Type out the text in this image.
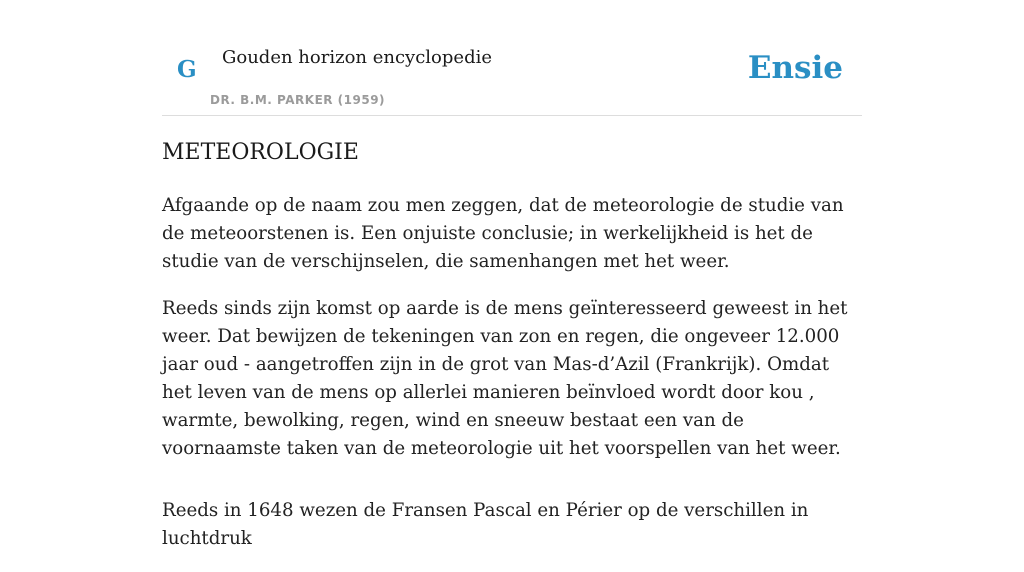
G Gouden horizon encyclopedie
DR. B.M. PARKER (1959)
Ensie
METEOROLOGIE

Afgaande op de naam zou men zeggen, dat de meteorologie de studie van de meteoorstenen is. Een onjuiste conclusie; in werkelijkheid is het de studie van de verschijnselen, die samenhangen met het weer.

Reeds sinds zijn komst op aarde is de mens geïnteresseerd geweest in het weer. Dat bewijzen de tekeningen van zon en regen, die ongeveer 12.000 jaar oud - aangetroffen zijn in de grot van Mas-d’Azil (Frankrijk). Omdat het leven van de mens op allerlei manieren beïnvloed wordt door kou , warmte, bewolking, regen, wind en sneeuw bestaat een van de voornaamste taken van de meteorologie uit het voorspellen van het weer.

Reeds in 1648 wezen de Fransen Pascal en Périer op de verschillen in luchtdruk
